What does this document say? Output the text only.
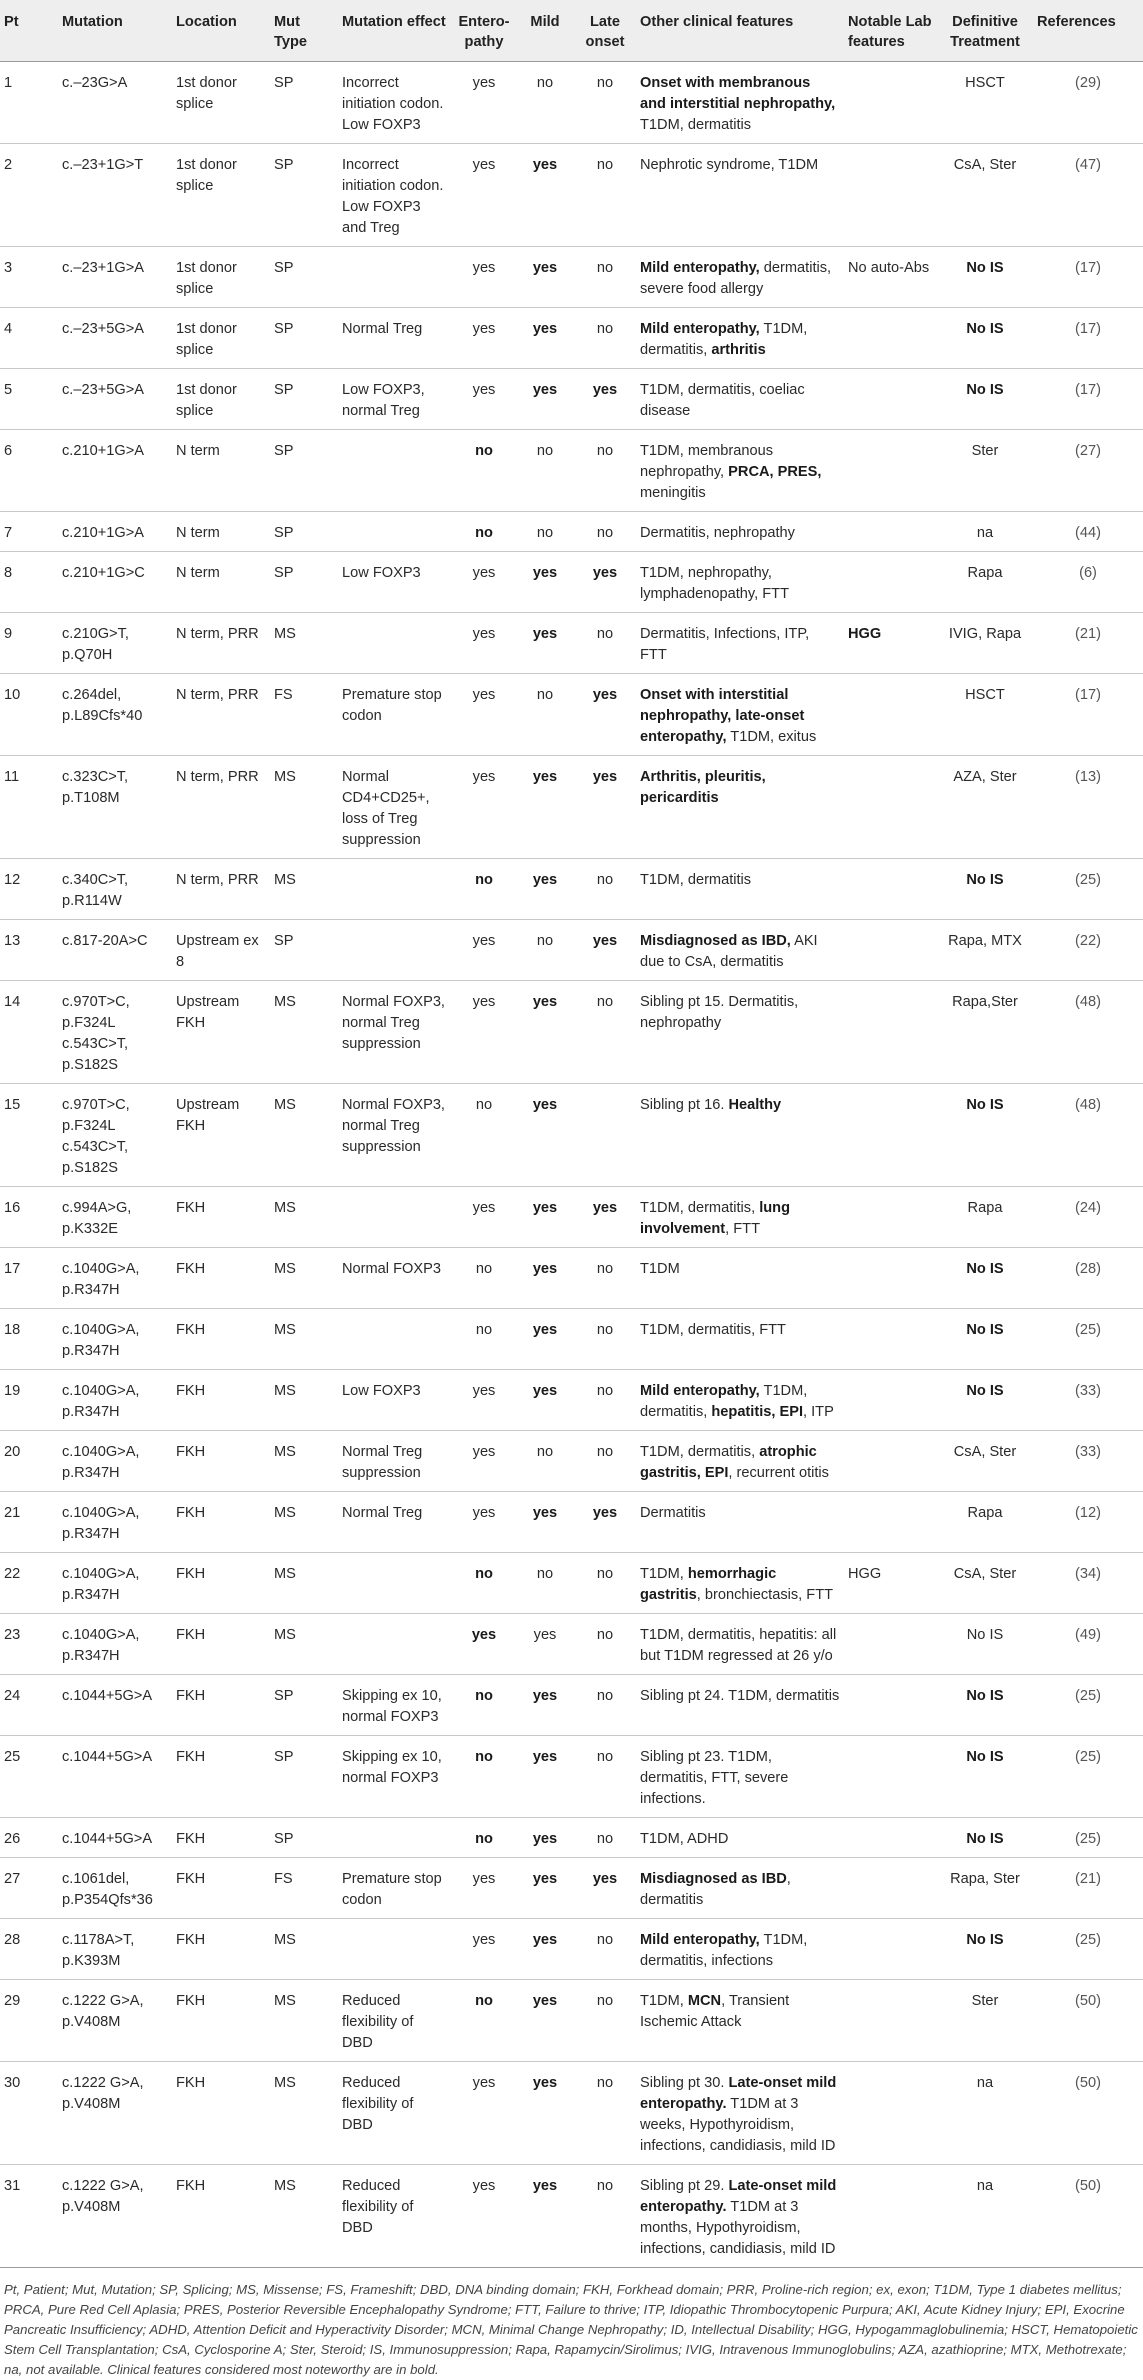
Pt	Mutation	Location	Mut Type	Mutation effect	Entero-pathy	Mild	Late onset	Other clinical features	Notable Lab features	Definitive Treatment	References
1	c.–23G>A	1st donor splice	SP	Incorrect initiation codon. Low FOXP3	yes	no	no	Onset with membranous and interstitial nephropathy, T1DM, dermatitis		HSCT	(29)
2	c.–23+1G>T	1st donor splice	SP	Incorrect initiation codon. Low FOXP3 and Treg	yes	yes	no	Nephrotic syndrome, T1DM		CsA, Ster	(47)
3	c.–23+1G>A	1st donor splice	SP		yes	yes	no	Mild enteropathy, dermatitis, severe food allergy	No auto-Abs	No IS	(17)
4	c.–23+5G>A	1st donor splice	SP	Normal Treg	yes	yes	no	Mild enteropathy, T1DM, dermatitis, arthritis		No IS	(17)
5	c.–23+5G>A	1st donor splice	SP	Low FOXP3, normal Treg	yes	yes	yes	T1DM, dermatitis, coeliac disease		No IS	(17)
6	c.210+1G>A	N term	SP		no	no	no	T1DM, membranous nephropathy, PRCA, PRES, meningitis		Ster	(27)
7	c.210+1G>A	N term	SP		no	no	no	Dermatitis, nephropathy		na	(44)
8	c.210+1G>C	N term	SP	Low FOXP3	yes	yes	yes	T1DM, nephropathy, lymphadenopathy, FTT		Rapa	(6)
9	c.210G>T, p.Q70H	N term, PRR	MS		yes	yes	no	Dermatitis, Infections, ITP, FTT	HGG	IVIG, Rapa	(21)
10	c.264del, p.L89Cfs*40	N term, PRR	FS	Premature stop codon	yes	no	yes	Onset with interstitial nephropathy, late-onset enteropathy, T1DM, exitus		HSCT	(17)
11	c.323C>T, p.T108M	N term, PRR	MS	Normal CD4+CD25+, loss of Treg suppression	yes	yes	yes	Arthritis, pleuritis, pericarditis		AZA, Ster	(13)
12	c.340C>T, p.R114W	N term, PRR	MS		no	yes	no	T1DM, dermatitis		No IS	(25)
13	c.817-20A>C	Upstream ex 8	SP		yes	no	yes	Misdiagnosed as IBD, AKI due to CsA, dermatitis		Rapa, MTX	(22)
14	c.970T>C, p.F324L c.543C>T, p.S182S	Upstream FKH	MS	Normal FOXP3, normal Treg suppression	yes	yes	no	Sibling pt 15. Dermatitis, nephropathy		Rapa,Ster	(48)
15	c.970T>C, p.F324L c.543C>T, p.S182S	Upstream FKH	MS	Normal FOXP3, normal Treg suppression	no	yes		Sibling pt 16. Healthy		No IS	(48)
16	c.994A>G, p.K332E	FKH	MS		yes	yes	yes	T1DM, dermatitis, lung involvement, FTT		Rapa	(24)
17	c.1040G>A, p.R347H	FKH	MS	Normal FOXP3	no	yes	no	T1DM		No IS	(28)
18	c.1040G>A, p.R347H	FKH	MS		no	yes	no	T1DM, dermatitis, FTT		No IS	(25)
19	c.1040G>A, p.R347H	FKH	MS	Low FOXP3	yes	yes	no	Mild enteropathy, T1DM, dermatitis, hepatitis, EPI, ITP		No IS	(33)
20	c.1040G>A, p.R347H	FKH	MS	Normal Treg suppression	yes	no	no	T1DM, dermatitis, atrophic gastritis, EPI, recurrent otitis		CsA, Ster	(33)
21	c.1040G>A, p.R347H	FKH	MS	Normal Treg	yes	yes	yes	Dermatitis		Rapa	(12)
22	c.1040G>A, p.R347H	FKH	MS		no	no	no	T1DM, hemorrhagic gastritis, bronchiectasis, FTT	HGG	CsA, Ster	(34)
23	c.1040G>A, p.R347H	FKH	MS		yes	yes	no	T1DM, dermatitis, hepatitis: all but T1DM regressed at 26 y/o		No IS	(49)
24	c.1044+5G>A	FKH	SP	Skipping ex 10, normal FOXP3	no	yes	no	Sibling pt 24. T1DM, dermatitis		No IS	(25)
25	c.1044+5G>A	FKH	SP	Skipping ex 10, normal FOXP3	no	yes	no	Sibling pt 23. T1DM, dermatitis, FTT, severe infections.		No IS	(25)
26	c.1044+5G>A	FKH	SP		no	yes	no	T1DM, ADHD		No IS	(25)
27	c.1061del, p.P354Qfs*36	FKH	FS	Premature stop codon	yes	yes	yes	Misdiagnosed as IBD, dermatitis		Rapa, Ster	(21)
28	c.1178A>T, p.K393M	FKH	MS		yes	yes	no	Mild enteropathy, T1DM, dermatitis, infections		No IS	(25)
29	c.1222 G>A, p.V408M	FKH	MS	Reduced flexibility of DBD	no	yes	no	T1DM, MCN, Transient Ischemic Attack		Ster	(50)
30	c.1222 G>A, p.V408M	FKH	MS	Reduced flexibility of DBD	yes	yes	no	Sibling pt 30. Late-onset mild enteropathy. T1DM at 3 weeks, Hypothyroidism, infections, candidiasis, mild ID		na	(50)
31	c.1222 G>A, p.V408M	FKH	MS	Reduced flexibility of DBD	yes	yes	no	Sibling pt 29. Late-onset mild enteropathy. T1DM at 3 months, Hypothyroidism, infections, candidiasis, mild ID		na	(50)

Pt, Patient; Mut, Mutation; SP, Splicing; MS, Missense; FS, Frameshift; DBD, DNA binding domain; FKH, Forkhead domain; PRR, Proline-rich region; ex, exon; T1DM, Type 1 diabetes mellitus; PRCA, Pure Red Cell Aplasia; PRES, Posterior Reversible Encephalopathy Syndrome; FTT, Failure to thrive; ITP, Idiopathic Thrombocytopenic Purpura; AKI, Acute Kidney Injury; EPI, Exocrine Pancreatic Insufficiency; ADHD, Attention Deficit and Hyperactivity Disorder; MCN, Minimal Change Nephropathy; ID, Intellectual Disability; HGG, Hypogammaglobulinemia; HSCT, Hematopoietic Stem Cell Transplantation; CsA, Cyclosporine A; Ster, Steroid; IS, Immunosuppression; Rapa, Rapamycin/Sirolimus; IVIG, Intravenous Immunoglobulins; AZA, azathioprine; MTX, Methotrexate; na, not available. Clinical features considered most noteworthy are in bold.
